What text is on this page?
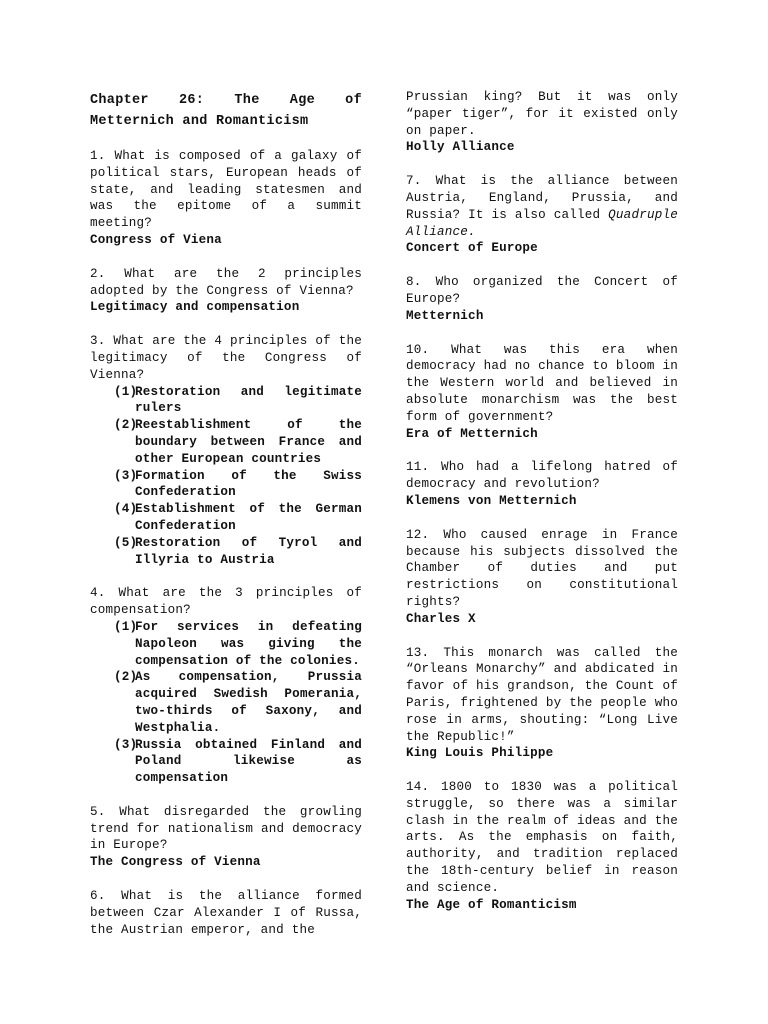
Chapter 26: The Age of Metternich and Romanticism

1. What is composed of a galaxy of political stars, European heads of state, and leading statesmen and was the epitome of a summit meeting?

Congress of Viena

2. What are the 2 principles adopted by the Congress of Vienna?

Legitimacy and compensation

3. What are the 4 principles of the legitimacy of the Congress of Vienna?

(1)
Restoration and legitimate rulers
(2)
Reestablishment of the boundary between France and other European countries
(3)
Formation of the Swiss Confederation
(4)
Establishment of the German Confederation
(5)
Restoration of Tyrol and Illyria to Austria

4. What are the 3 principles of compensation?

(1)
For services in defeating Napoleon was giving the compensation of the colonies.
(2)
As compensation, Prussia acquired Swedish Pomerania, two-thirds of Saxony, and Westphalia.
(3)
Russia obtained Finland and Poland likewise as compensation

5. What disregarded the growling trend for nationalism and democracy in Europe?

The Congress of Vienna

6. What is the alliance formed between Czar Alexander I of Russa, the Austrian emperor, and the

Prussian king? But it was only “paper tiger”, for it existed only on paper.

Holly Alliance

7. What is the alliance between Austria, England, Prussia, and Russia? It is also called Quadruple Alliance.

Concert of Europe

8. Who organized the Concert of Europe?

Metternich

10. What was this era when democracy had no chance to bloom in the Western world and believed in absolute monarchism was the best form of government?

Era of Metternich

11. Who had a lifelong hatred of democracy and revolution?

Klemens von Metternich

12. Who caused enrage in France because his subjects dissolved the Chamber of duties and put restrictions on constitutional rights?

Charles X

13. This monarch was called the “Orleans Monarchy” and abdicated in favor of his grandson, the Count of Paris, frightened by the people who rose in arms, shouting: “Long Live the Republic!”

King Louis Philippe

14. 1800 to 1830 was a political struggle, so there was a similar clash in the realm of ideas and the arts. As the emphasis on faith, authority, and tradition replaced the 18th-century belief in reason and science.

The Age of Romanticism
